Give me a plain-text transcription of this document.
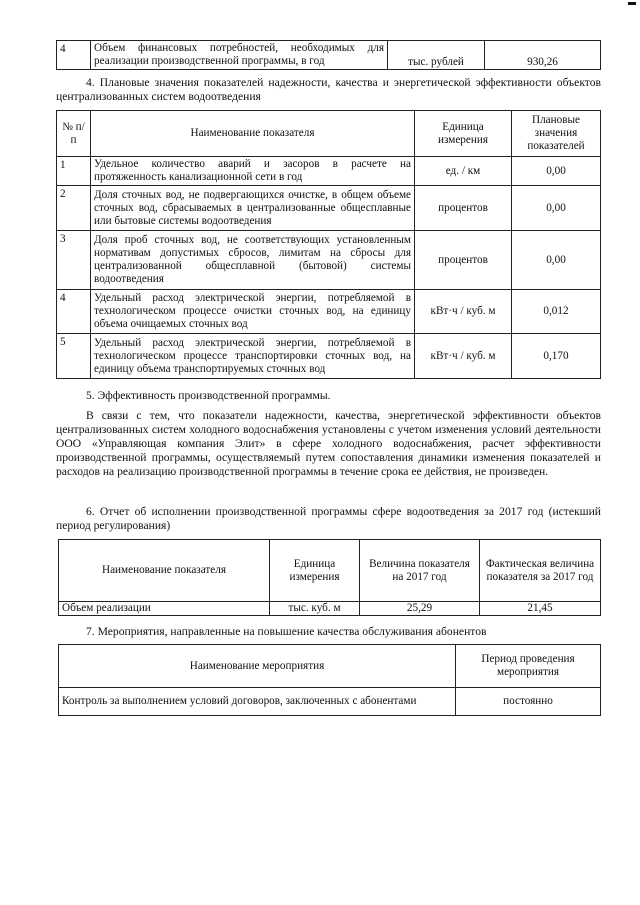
4	Объем финансовых потребностей, необходимых для реализации производственной программы, в год	тыс. рублей	930,26

4. Плановые значения показателей надежности, качества и энергетической эффективности объектов централизованных систем водоотведения

№ п/п	Наименование показателя	Единица измерения	Плановые значения показателей
1	Удельное количество аварий и засоров в расчете на протяженность канализационной сети в год	ед. / км	0,00
2	Доля сточных вод, не подвергающихся очистке, в общем объеме сточных вод, сбрасываемых в централизованные общесплавные или бытовые системы водоотведения	процентов	0,00
3	Доля проб сточных вод, не соответствующих установленным нормативам допустимых сбросов, лимитам на сбросы для централизованной общесплавной (бытовой) системы водоотведения	процентов	0,00
4	Удельный расход электрической энергии, потребляемой в технологическом процессе очистки сточных вод, на единицу объема очищаемых сточных вод	кВт·ч / куб. м	0,012
5	Удельный расход электрической энергии, потребляемой в технологическом процессе транспортировки сточных вод, на единицу объема транспортируемых сточных вод	кВт·ч / куб. м	0,170

5. Эффективность производственной программы.

В связи с тем, что показатели надежности, качества, энергетической эффективности объектов централизованных систем холодного водоснабжения установлены с учетом изменения условий деятельности ООО «Управляющая компания Элит» в сфере холодного водоснабжения, расчет эффективности производственной программы, осуществляемый путем сопоставления динамики изменения показателей и расходов на реализацию производственной программы в течение срока ее действия, не произведен.

6. Отчет об исполнении производственной программы сфере водоотведения за 2017 год (истекший период регулирования)

Наименование показателя	Единица измерения	Величина показателя на 2017 год	Фактическая величина показателя за 2017 год
Объем реализации	тыс. куб. м	25,29	21,45

7. Мероприятия, направленные на повышение качества обслуживания абонентов

Наименование мероприятия	Период проведения мероприятия
Контроль за выполнением условий договоров, заключенных с абонентами	постоянно
